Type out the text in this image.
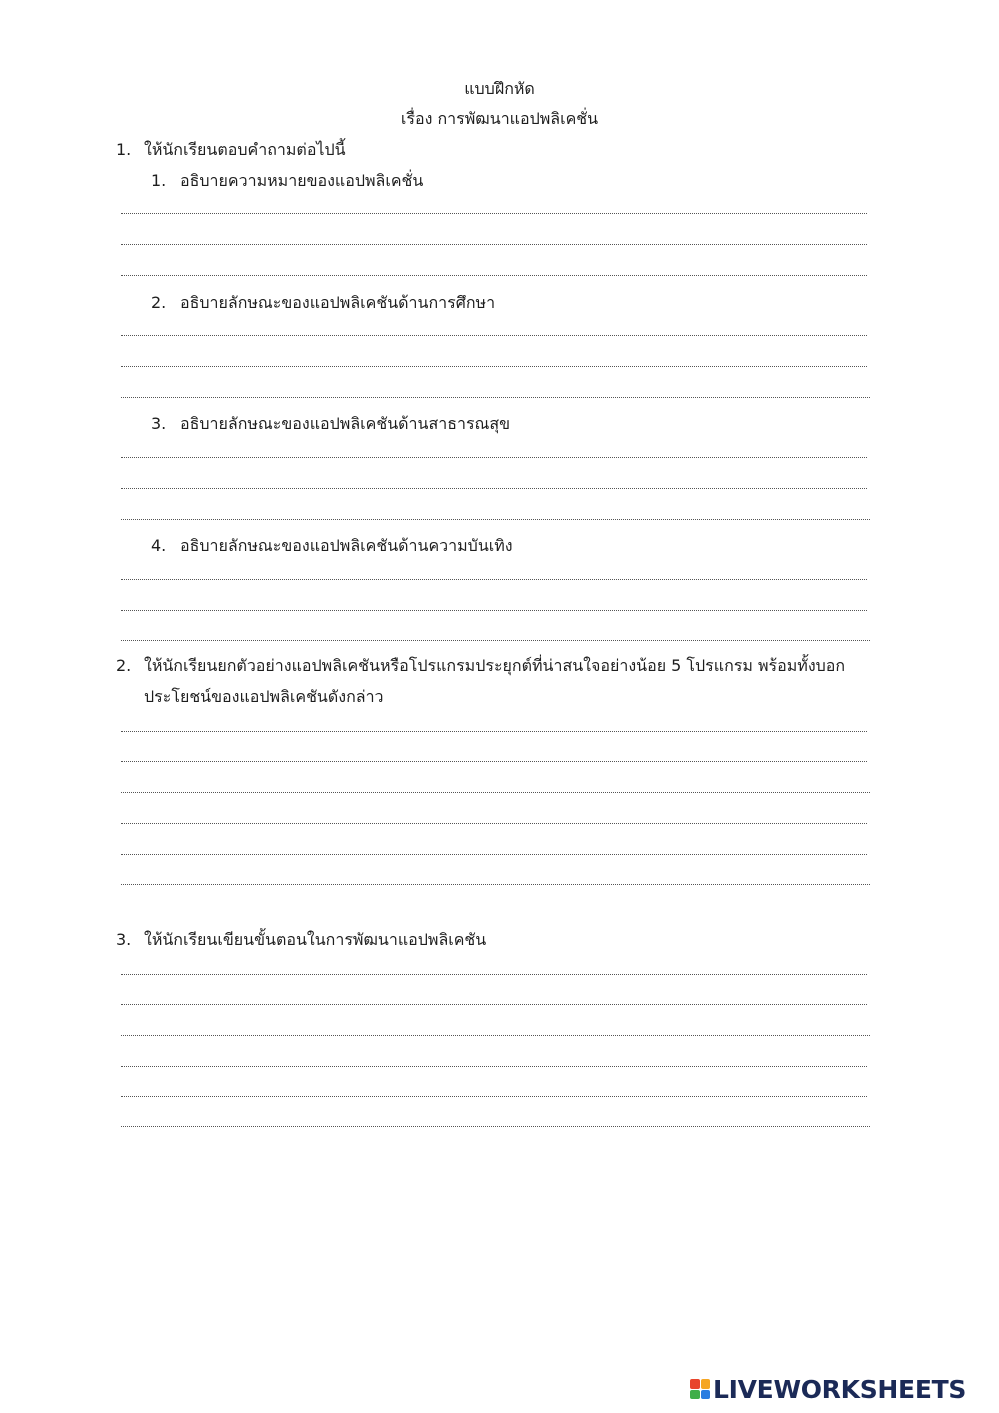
แบบฝึกหัด
เรื่อง การพัฒนาแอปพลิเคชั่น
1. ให้นักเรียนตอบคำถามต่อไปนี้
1. อธิบายความหมายของแอปพลิเคชั่น
2. อธิบายลักษณะของแอปพลิเคชันด้านการศึกษา
3. อธิบายลักษณะของแอปพลิเคชันด้านสาธารณสุข
4. อธิบายลักษณะของแอปพลิเคชันด้านความบันเทิง
2. ให้นักเรียนยกตัวอย่างแอปพลิเคชันหรือโปรแกรมประยุกต์ที่น่าสนใจอย่างน้อย 5 โปรแกรม พร้อมทั้งบอก
ประโยชน์ของแอปพลิเคชันดังกล่าว
3. ให้นักเรียนเขียนขั้นตอนในการพัฒนาแอปพลิเคชัน
LIVEWORKSHEETS
